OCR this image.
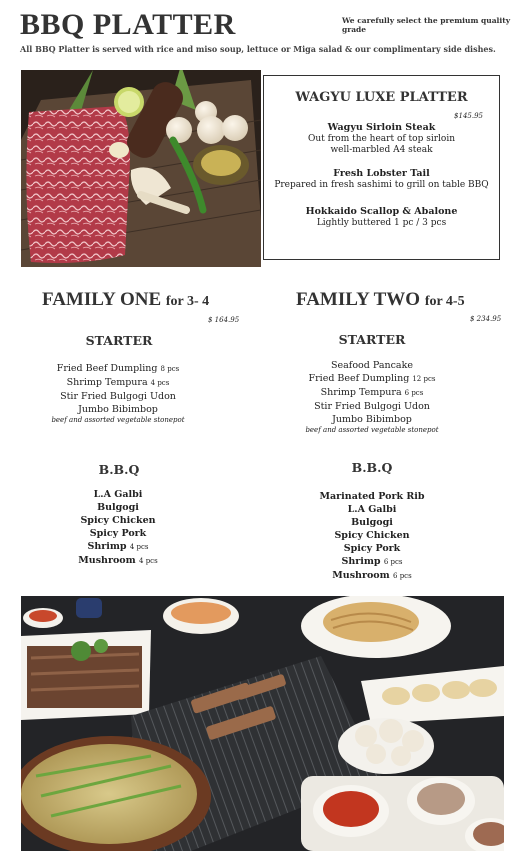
BBQ PLATTER	We carefully select the premium quality grade
All BBQ Platter is served with rice and miso soup, lettuce or Miga salad & our complimentary side dishes.
WAGYU LUXE PLATTER
$145.95
Wagyu Sirloin Steak
Out from the heart of top sirloin
well-marbled A4 steak
Fresh Lobster Tail
Prepared in fresh sashimi to grill on table BBQ
Hokkaido Scallop & Abalone
Lightly buttered 1 pc / 3 pcs
FAMILY ONE for 3- 4
$ 164.95
STARTER
Fried Beef Dumpling 8 pcs
Shrimp Tempura 4 pcs
Stir Fried Bulgogi Udon
Jumbo Bibimbop
beef and assorted vegetable stonepot
B.B.Q
L.A Galbi
Bulgogi
Spicy Chicken
Spicy Pork
Shrimp 4 pcs
Mushroom 4 pcs
FAMILY TWO for 4-5
$ 234.95
STARTER
Seafood Pancake
Fried Beef Dumpling 12 pcs
Shrimp Tempura 6 pcs
Stir Fried Bulgogi Udon
Jumbo Bibimbop
beef and assorted vegetable stonepot
B.B.Q
Marinated Pork Rib
L.A Galbi
Bulgogi
Spicy Chicken
Spicy Pork
Shrimp 6 pcs
Mushroom 6 pcs
